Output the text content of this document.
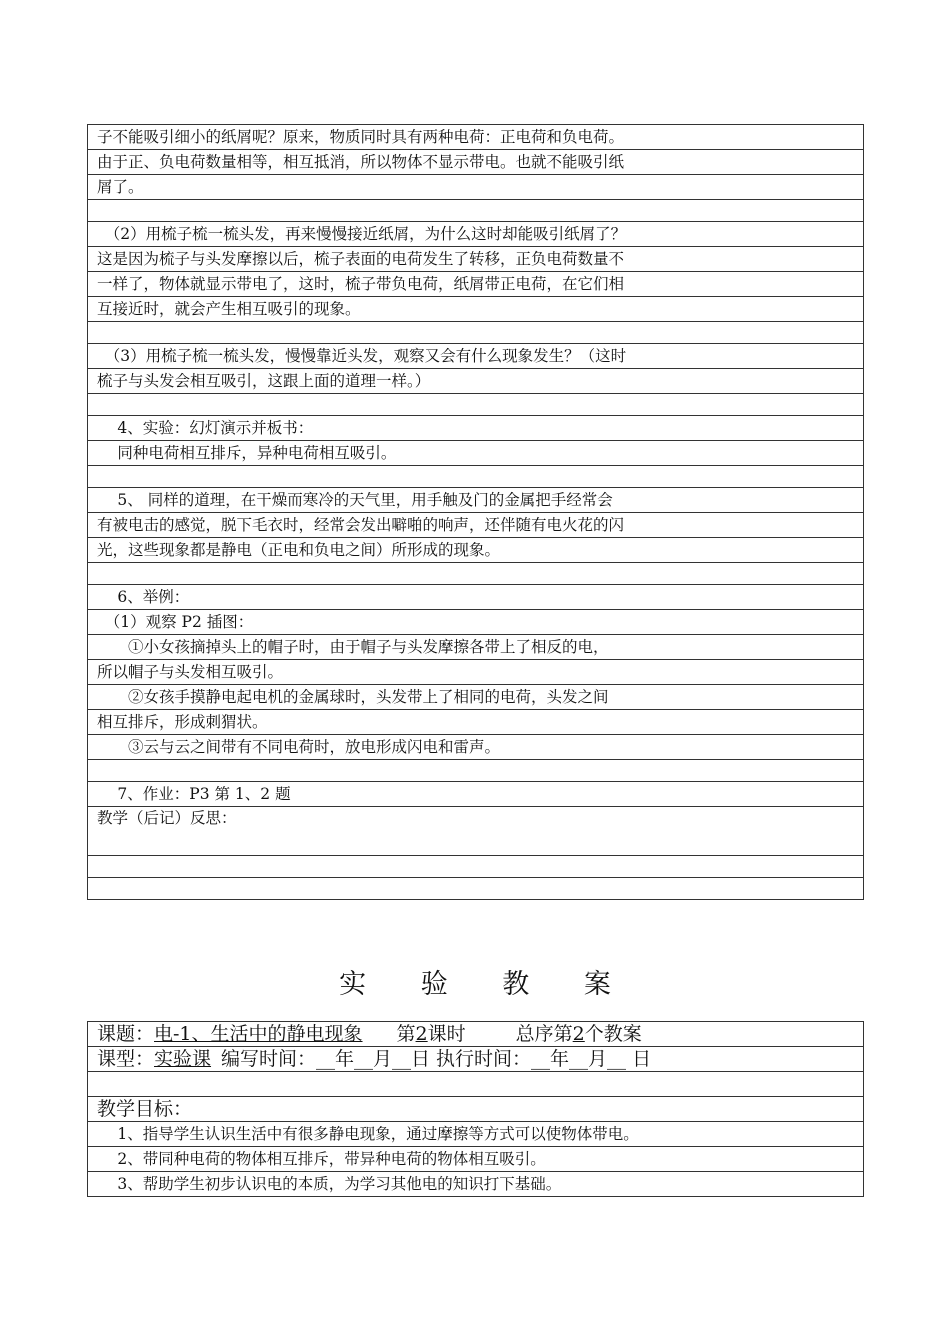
子不能吸引细小的纸屑呢？原来，物质同时具有两种电荷：正电荷和负电荷。
由于正、负电荷数量相等，相互抵消，所以物体不显示带电。也就不能吸引纸
屑了。

　（2）用梳子梳一梳头发，再来慢慢接近纸屑，为什么这时却能吸引纸屑了？
这是因为梳子与头发摩擦以后，梳子表面的电荷发生了转移，正负电荷数量不
一样了，物体就显示带电了，这时，梳子带负电荷，纸屑带正电荷，在它们相
互接近时，就会产生相互吸引的现象。

　（3）用梳子梳一梳头发，慢慢靠近头发，观察又会有什么现象发生？（这时
梳子与头发会相互吸引，这跟上面的道理一样。）

　 4、实验：幻灯演示并板书：
　 同种电荷相互排斥，异种电荷相互吸引。

　 5、 同样的道理，在干燥而寒冷的天气里，用手触及门的金属把手经常会
有被电击的感觉，脱下毛衣时，经常会发出噼啪的响声，还伴随有电火花的闪
光，这些现象都是静电（正电和负电之间）所形成的现象。

　 6、举例：
　（1）观察 P2 插图：
　　①小女孩摘掉头上的帽子时，由于帽子与头发摩擦各带上了相反的电，
所以帽子与头发相互吸引。
　　②女孩手摸静电起电机的金属球时，头发带上了相同的电荷，头发之间
相互排斥，形成刺猬状。
　　③云与云之间带有不同电荷时，放电形成闪电和雷声。

　 7、作业：P3 第 1、2 题
教学（后记）反思：

实 验 教 案
课题：电-1、生活中的静电现象 第2课时	总序第2个教案
课型：实验课 编写时间：__年__月__日 执行时间：__年__月__ 日

教学目标：
　 1、指导学生认识生活中有很多静电现象，通过摩擦等方式可以使物体带电。
　 2、带同种电荷的物体相互排斥，带异种电荷的物体相互吸引。
　 3、帮助学生初步认识电的本质，为学习其他电的知识打下基础。
